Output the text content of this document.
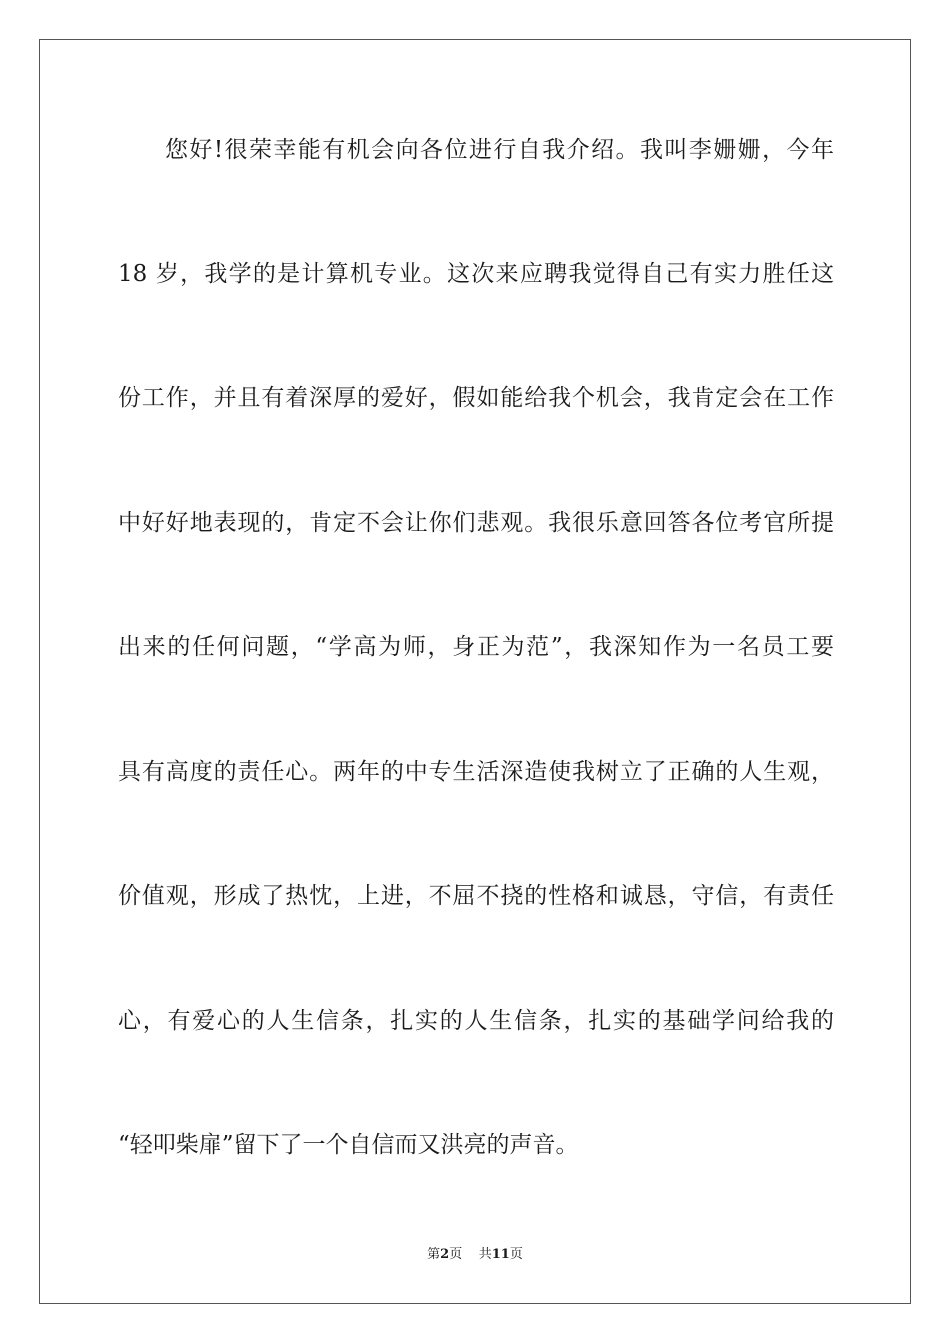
您好!很荣幸能有机会向各位进行自我介绍。我叫李姗姗，今年
18 岁，我学的是计算机专业。这次来应聘我觉得自己有实力胜任这
份工作，并且有着深厚的爱好，假如能给我个机会，我肯定会在工作
中好好地表现的，肯定不会让你们悲观。我很乐意回答各位考官所提
出来的任何问题，“学高为师，身正为范”，我深知作为一名员工要
具有高度的责任心。两年的中专生活深造使我树立了正确的人生观，
价值观，形成了热忱，上进，不屈不挠的性格和诚恳，守信，有责任
心，有爱心的人生信条，扎实的人生信条，扎实的基础学问给我的
“轻叩柴扉”留下了一个自信而又洪亮的声音。
第2页 共11页
